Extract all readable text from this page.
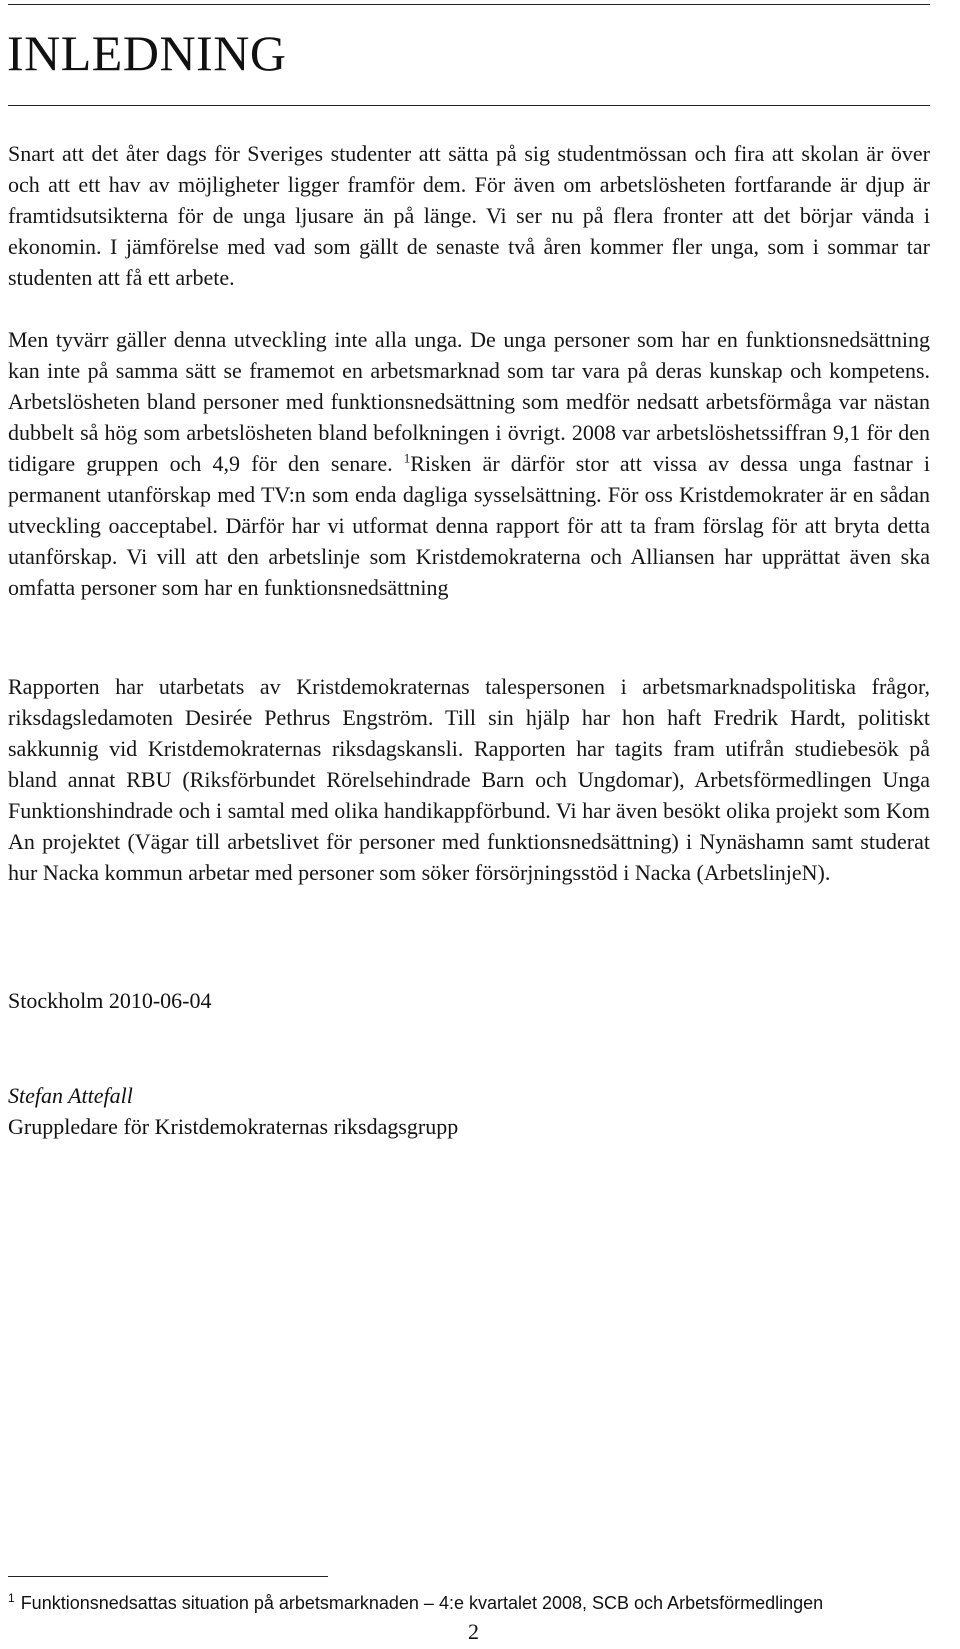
INLEDNING

Snart att det åter dags för Sveriges studenter att sätta på sig studentmössan och fira att skolan är över och att ett hav av möjligheter ligger framför dem. För även om arbetslösheten fortfarande är djup är framtidsutsikterna för de unga ljusare än på länge. Vi ser nu på flera fronter att det börjar vända i ekonomin. I jämförelse med vad som gällt de senaste två åren kommer fler unga, som i sommar tar studenten att få ett arbete.

Men tyvärr gäller denna utveckling inte alla unga. De unga personer som har en funktionsnedsättning kan inte på samma sätt se framemot en arbetsmarknad som tar vara på deras kunskap och kompetens. Arbetslösheten bland personer med funktionsnedsättning som medför nedsatt arbetsförmåga var nästan dubbelt så hög som arbetslösheten bland befolkningen i övrigt. 2008 var arbetslöshetssiffran 9,1 för den tidigare gruppen och 4,9 för den senare. $^1$Risken är därför stor att vissa av dessa unga fastnar i permanent utanförskap med TV:n som enda dagliga sysselsättning. För oss Kristdemokrater är en sådan utveckling oacceptabel. Därför har vi utformat denna rapport för att ta fram förslag för att bryta detta utanförskap. Vi vill att den arbetslinje som Kristdemokraterna och Alliansen har upprättat även ska omfatta personer som har en funktionsnedsättning

Rapporten har utarbetats av Kristdemokraternas talespersonen i arbetsmarknadspolitiska frågor, riksdagsledamoten Desirée Pethrus Engström. Till sin hjälp har hon haft Fredrik Hardt, politiskt sakkunnig vid Kristdemokraternas riksdagskansli. Rapporten har tagits fram utifrån studiebesök på bland annat RBU (Riksförbundet Rörelsehindrade Barn och Ungdomar), Arbetsförmedlingen Unga Funktionshindrade och i samtal med olika handikappförbund. Vi har även besökt olika projekt som Kom An projektet (Vägar till arbetslivet för personer med funktionsnedsättning) i Nynäshamn samt studerat hur Nacka kommun arbetar med personer som söker försörjningsstöd i Nacka (ArbetslinjeN).

Stockholm 2010-06-04

Stefan Attefall

Gruppledare för Kristdemokraternas riksdagsgrupp

$^1$ Funktionsnedsattas situation på arbetsmarknaden – 4:e kvartalet 2008, SCB och Arbetsförmedlingen

2
